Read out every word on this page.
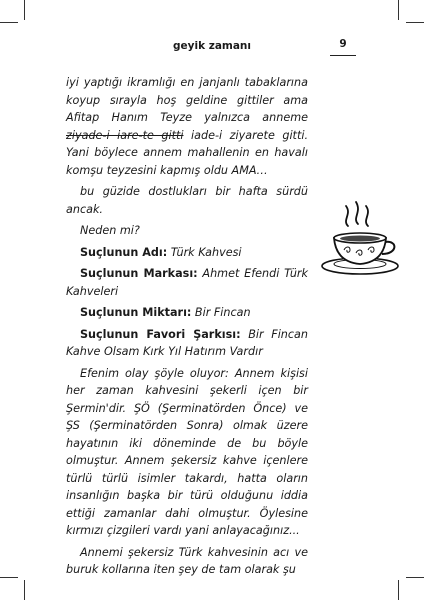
geyik zamanı	9

iyi yaptığı ikramlığı en janjanlı tabaklarına koyup sırayla hoş geldine gittiler ama Afitap Hanım Teyze yalnızca anneme ziyade-i iare-te gitti iade-i ziyarete gitti. Yani böylece annem mahallenin en havalı komşu teyzesini kapmış oldu AMA…

bu güzide dostlukları bir hafta sürdü ancak.

Neden mi?

Suçlunun Adı: Türk Kahvesi

Suçlunun Markası: Ahmet Efendi Türk Kahveleri

Suçlunun Miktarı: Bir Fincan

Suçlunun Favori Şarkısı: Bir Fincan Kahve Olsam Kırk Yıl Hatırım Vardır

Efenim olay şöyle oluyor: Annem kişisi her zaman kahvesini şekerli içen bir Şermin'dir. ŞÖ (Şerminatörden Önce) ve ŞS (Şerminatörden Sonra) olmak üzere hayatının iki döneminde de bu böyle olmuştur. Annem şekersiz kahve içenlere türlü türlü isimler takardı, hatta oların insanlığın başka bir türü olduğunu iddia ettiği zamanlar dahi olmuştur. Öylesine kırmızı çizgileri vardı yani anlayacağınız...

Annemi şekersiz Türk kahvesinin acı ve buruk kollarına iten şey de tam olarak şu
